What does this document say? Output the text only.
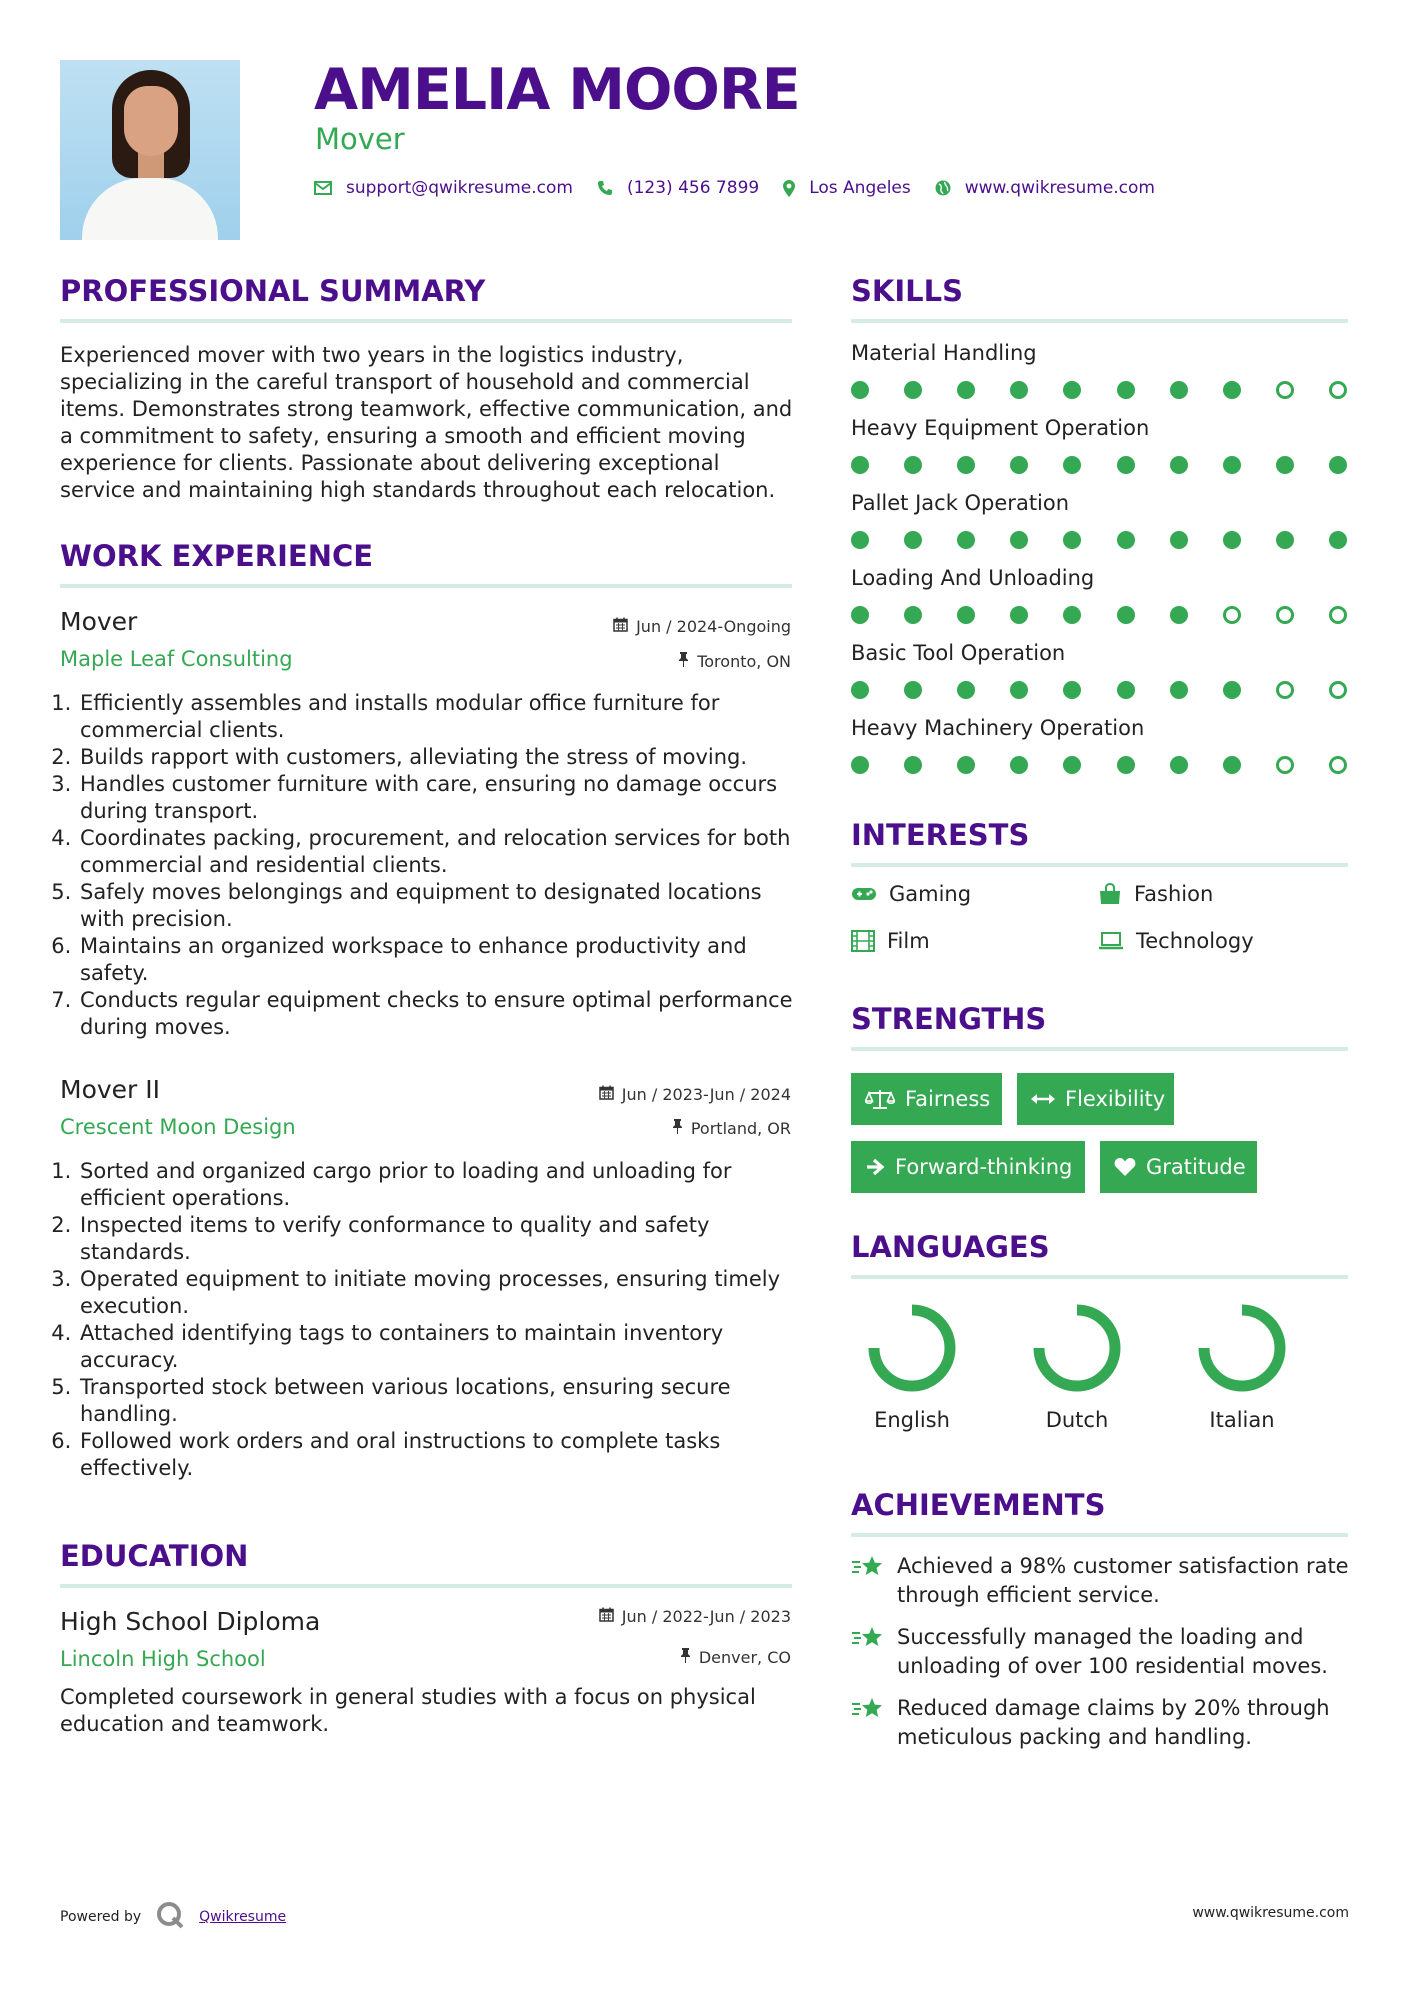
AMELIA MOORE

Mover

support@qwikresume.com	(123) 456 7899	Los Angeles	www.qwikresume.com
PROFESSIONAL SUMMARY

Experienced mover with two years in the logistics industry, specializing in the careful transport of household and commercial items. Demonstrates strong teamwork, effective communication, and a commitment to safety, ensuring a smooth and efficient moving experience for clients. Passionate about delivering exceptional service and maintaining high standards throughout each relocation.

WORK EXPERIENCE

Mover

Maple Leaf Consulting

Jun / 2024-Ongoing
Toronto, ON
1. Efficiently assembles and installs modular office furniture for commercial clients.
2. Builds rapport with customers, alleviating the stress of moving.
3. Handles customer furniture with care, ensuring no damage occurs during transport.
4. Coordinates packing, procurement, and relocation services for both commercial and residential clients.
5. Safely moves belongings and equipment to designated locations with precision.
6. Maintains an organized workspace to enhance productivity and safety.
7. Conducts regular equipment checks to ensure optimal performance during moves.

Mover II

Crescent Moon Design

Jun / 2023-Jun / 2024
Portland, OR
1. Sorted and organized cargo prior to loading and unloading for efficient operations.
2. Inspected items to verify conformance to quality and safety standards.
3. Operated equipment to initiate moving processes, ensuring timely execution.
4. Attached identifying tags to containers to maintain inventory accuracy.
5. Transported stock between various locations, ensuring secure handling.
6. Followed work orders and oral instructions to complete tasks effectively.
EDUCATION

High School Diploma

Lincoln High School

Jun / 2022-Jun / 2023
Denver, CO

Completed coursework in general studies with a focus on physical education and teamwork.

SKILLS

Material Handling

Heavy Equipment Operation

Pallet Jack Operation

Loading And Unloading

Basic Tool Operation

Heavy Machinery Operation

INTERESTS
Gaming	Fashion
Film	Technology
STRENGTHS
Fairness	Flexibility
Forward-thinking	Gratitude
LANGUAGES
English	Dutch	Italian
ACHIEVEMENTS
Achieved a 98% customer satisfaction rate through efficient service.
Successfully managed the loading and unloading of over 100 residential moves.
Reduced damage claims by 20% through meticulous packing and handling.
Powered by	Qwikresume	www.qwikresume.com
